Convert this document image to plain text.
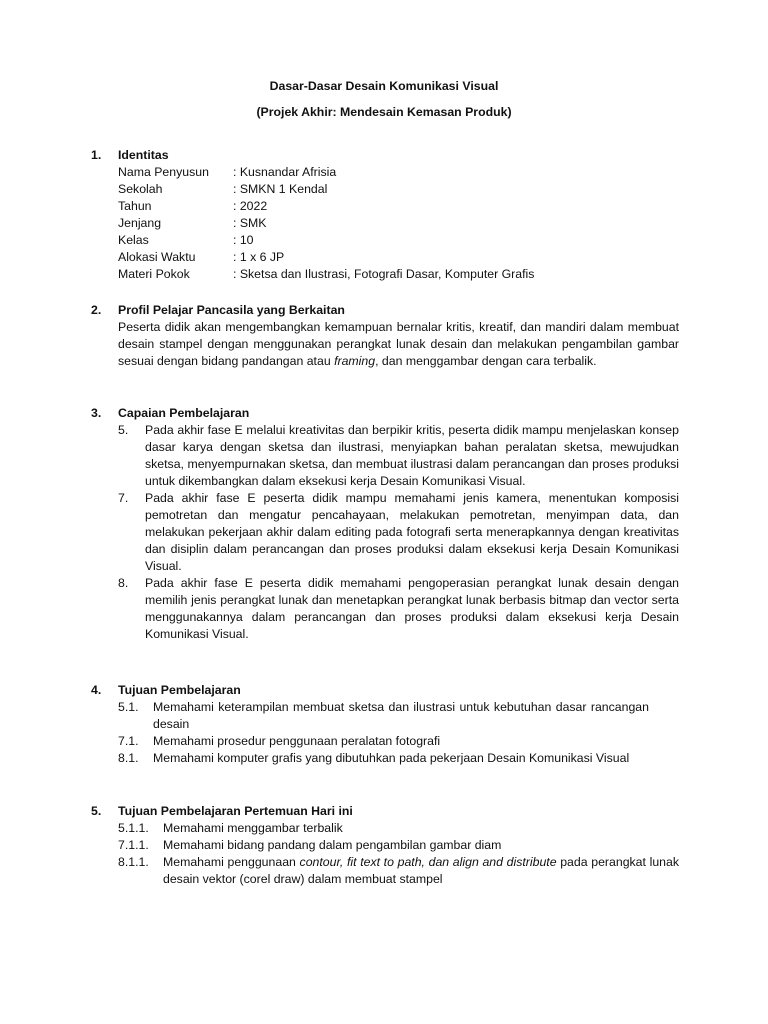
Dasar-Dasar Desain Komunikasi Visual
(Projek Akhir: Mendesain Kemasan Produk)
1. Identitas
Nama Penyusun	: Kusnandar Afrisia
Sekolah	: SMKN 1 Kendal
Tahun	: 2022
Jenjang	: SMK
Kelas	: 10
Alokasi Waktu	: 1 x 6 JP
Materi Pokok	: Sketsa dan Ilustrasi, Fotografi Dasar, Komputer Grafis
2. Profil Pelajar Pancasila yang Berkaitan
Peserta didik akan mengembangkan kemampuan bernalar kritis, kreatif, dan mandiri dalam membuat desain stampel dengan menggunakan perangkat lunak desain dan melakukan pengambilan gambar sesuai dengan bidang pandangan atau framing, dan menggambar dengan cara terbalik.
3. Capaian Pembelajaran
5. Pada akhir fase E melalui kreativitas dan berpikir kritis, peserta didik mampu menjelaskan konsep dasar karya dengan sketsa dan ilustrasi, menyiapkan bahan peralatan sketsa, mewujudkan sketsa, menyempurnakan sketsa, dan membuat ilustrasi dalam perancangan dan proses produksi untuk dikembangkan dalam eksekusi kerja Desain Komunikasi Visual.
7. Pada akhir fase E peserta didik mampu memahami jenis kamera, menentukan komposisi pemotretan dan mengatur pencahayaan, melakukan pemotretan, menyimpan data, dan melakukan pekerjaan akhir dalam editing pada fotografi serta menerapkannya dengan kreativitas dan disiplin dalam perancangan dan proses produksi dalam eksekusi kerja Desain Komunikasi Visual.
8. Pada akhir fase E peserta didik memahami pengoperasian perangkat lunak desain dengan memilih jenis perangkat lunak dan menetapkan perangkat lunak berbasis bitmap dan vector serta menggunakannya dalam perancangan dan proses produksi dalam eksekusi kerja Desain Komunikasi Visual.
4. Tujuan Pembelajaran
5.1. Memahami keterampilan membuat sketsa dan ilustrasi untuk kebutuhan dasar rancangan desain
7.1. Memahami prosedur penggunaan peralatan fotografi
8.1. Memahami komputer grafis yang dibutuhkan pada pekerjaan Desain Komunikasi Visual
5. Tujuan Pembelajaran Pertemuan Hari ini
5.1.1. Memahami menggambar terbalik
7.1.1. Memahami bidang pandang dalam pengambilan gambar diam
8.1.1. Memahami penggunaan contour, fit text to path, dan align and distribute pada perangkat lunak desain vektor (corel draw) dalam membuat stampel
